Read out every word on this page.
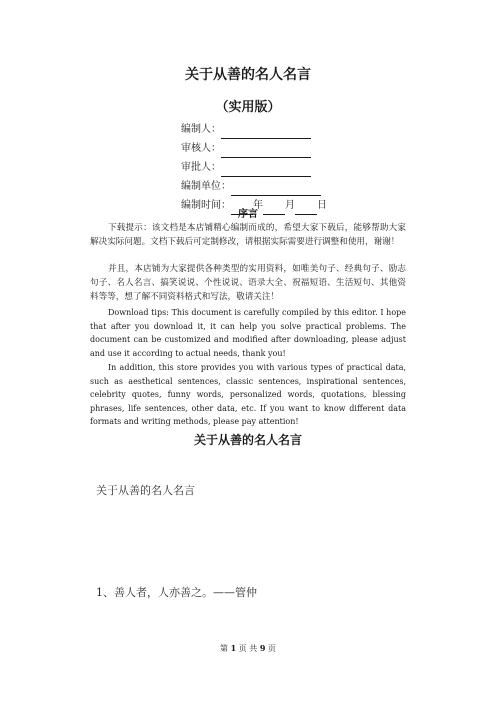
关于从善的名人名言
（实用版）
编制人：
审核人：
审批人：
编制单位：
编制时间： 年 月 日
序言
下载提示：该文档是本店铺精心编制而成的，希望大家下载后，能够帮助大家解决实际问题。文档下载后可定制修改，请根据实际需要进行调整和使用，谢谢！
并且，本店铺为大家提供各种类型的实用资料，如唯美句子、经典句子、励志句子、名人名言、搞笑说说、个性说说、语录大全、祝福短语、生活短句、其他资料等等，想了解不同资料格式和写法，敬请关注！
Download tips: This document is carefully compiled by this editor. I hope that after you download it, it can help you solve practical problems. The document can be customized and modified after downloading, please adjust and use it according to actual needs, thank you!
In addition, this store provides you with various types of practical data, such as aesthetical sentences, classic sentences, inspirational sentences, celebrity quotes, funny words, personalized words, quotations, blessing phrases, life sentences, other data, etc. If you want to know different data formats and writing methods, please pay attention!
关于从善的名人名言
关于从善的名人名言
1、善人者，人亦善之。——管仲
第 1 页 共 9 页
